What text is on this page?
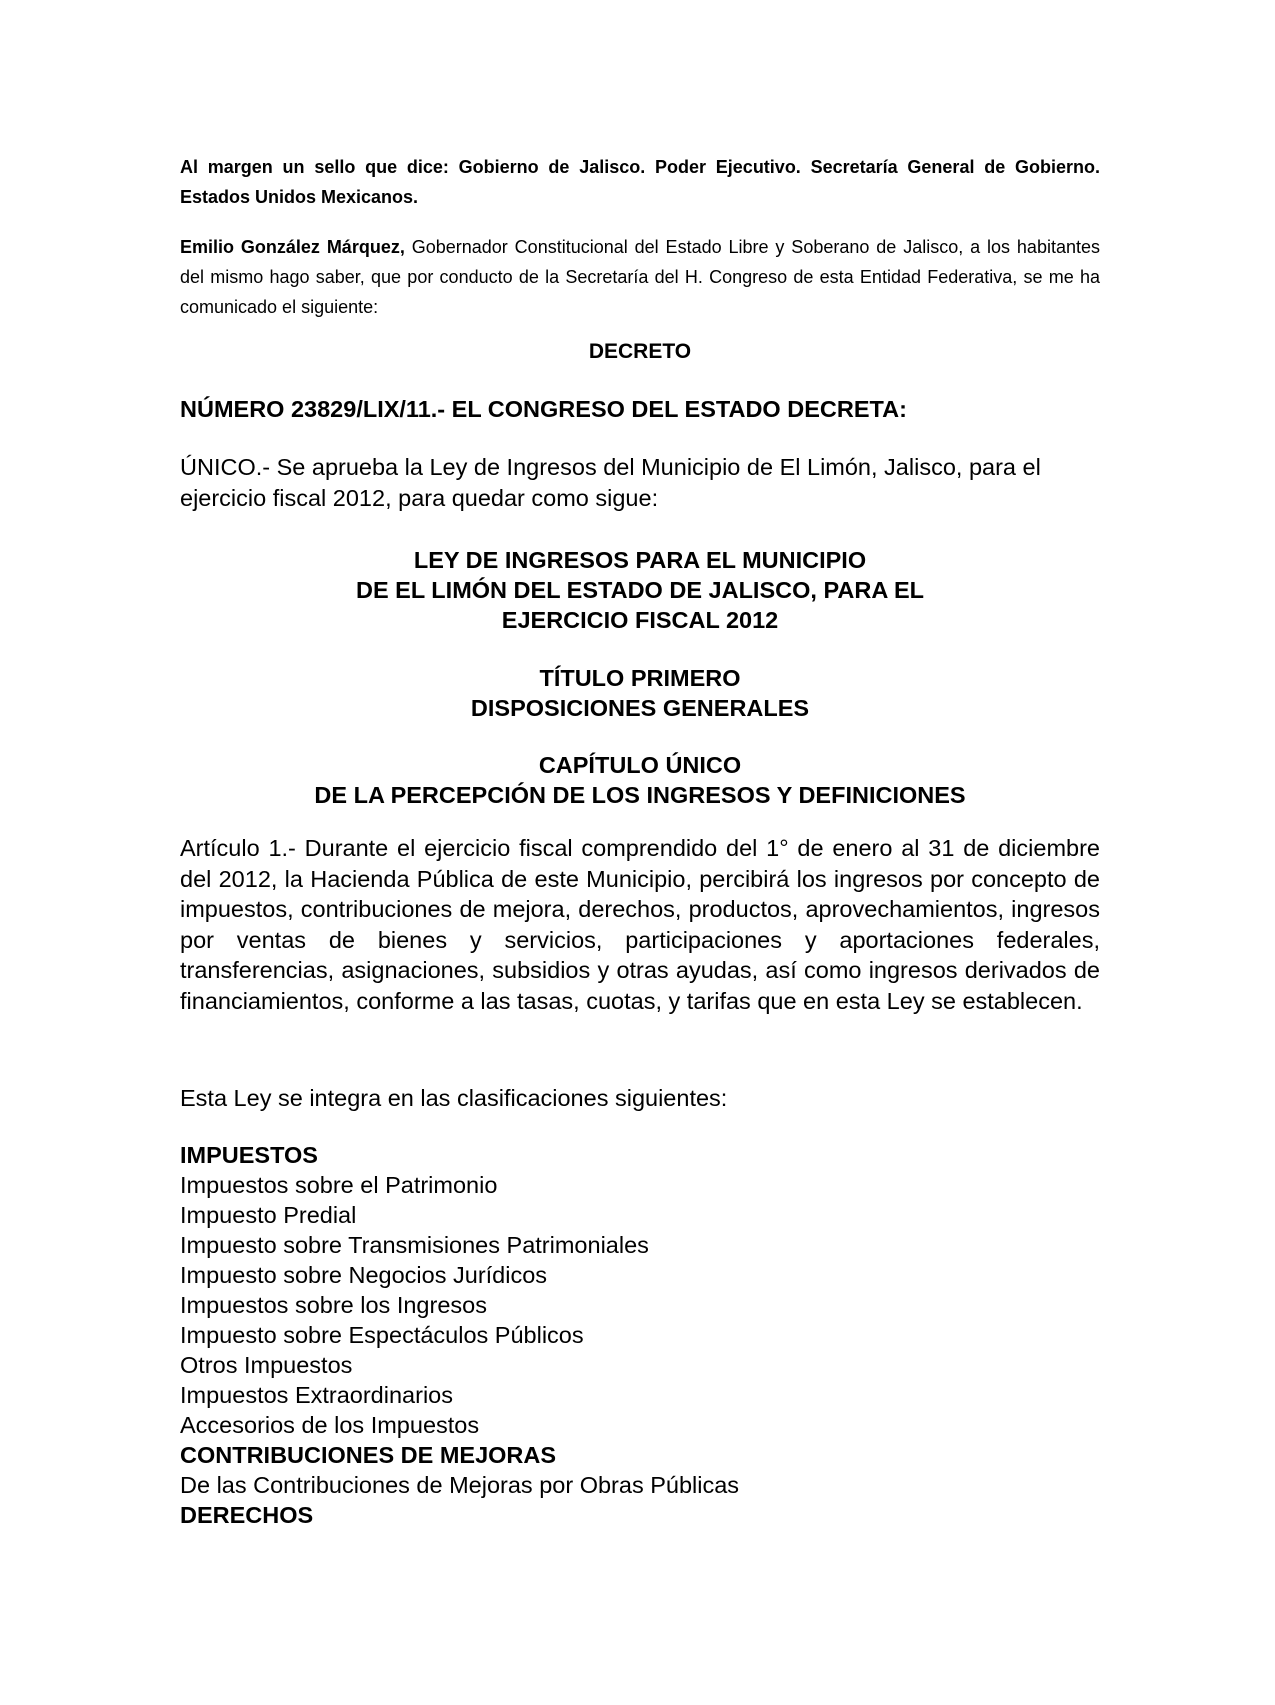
Al margen un sello que dice: Gobierno de Jalisco. Poder Ejecutivo. Secretaría General de Gobierno. Estados Unidos Mexicanos.
Emilio González Márquez, Gobernador Constitucional del Estado Libre y Soberano de Jalisco, a los habitantes del mismo hago saber, que por conducto de la Secretaría del H. Congreso de esta Entidad Federativa, se me ha comunicado el siguiente:
DECRETO
NÚMERO 23829/LIX/11.- EL CONGRESO DEL ESTADO DECRETA:
ÚNICO.- Se aprueba la Ley de Ingresos del Municipio de El Limón, Jalisco, para el ejercicio fiscal 2012, para quedar como sigue:
LEY DE INGRESOS PARA EL MUNICIPIO
DE EL LIMÓN DEL ESTADO DE JALISCO, PARA EL
EJERCICIO FISCAL 2012
TÍTULO PRIMERO
DISPOSICIONES GENERALES
CAPÍTULO ÚNICO
DE LA PERCEPCIÓN DE LOS INGRESOS Y DEFINICIONES
Artículo 1.- Durante el ejercicio fiscal comprendido del 1° de enero al 31 de diciembre del 2012, la Hacienda Pública de este Municipio, percibirá los ingresos por concepto de impuestos, contribuciones de mejora, derechos, productos, aprovechamientos, ingresos por ventas de bienes y servicios, participaciones y aportaciones federales, transferencias, asignaciones, subsidios y otras ayudas, así como ingresos derivados de financiamientos, conforme a las tasas, cuotas, y tarifas que en esta Ley se establecen.
Esta Ley se integra en las clasificaciones siguientes:
IMPUESTOS
Impuestos sobre el Patrimonio
Impuesto Predial
Impuesto sobre Transmisiones Patrimoniales
Impuesto sobre Negocios Jurídicos
Impuestos sobre los Ingresos
Impuesto sobre Espectáculos Públicos
Otros Impuestos
Impuestos Extraordinarios
Accesorios de los Impuestos
CONTRIBUCIONES DE MEJORAS
De las Contribuciones de Mejoras por Obras Públicas
DERECHOS
